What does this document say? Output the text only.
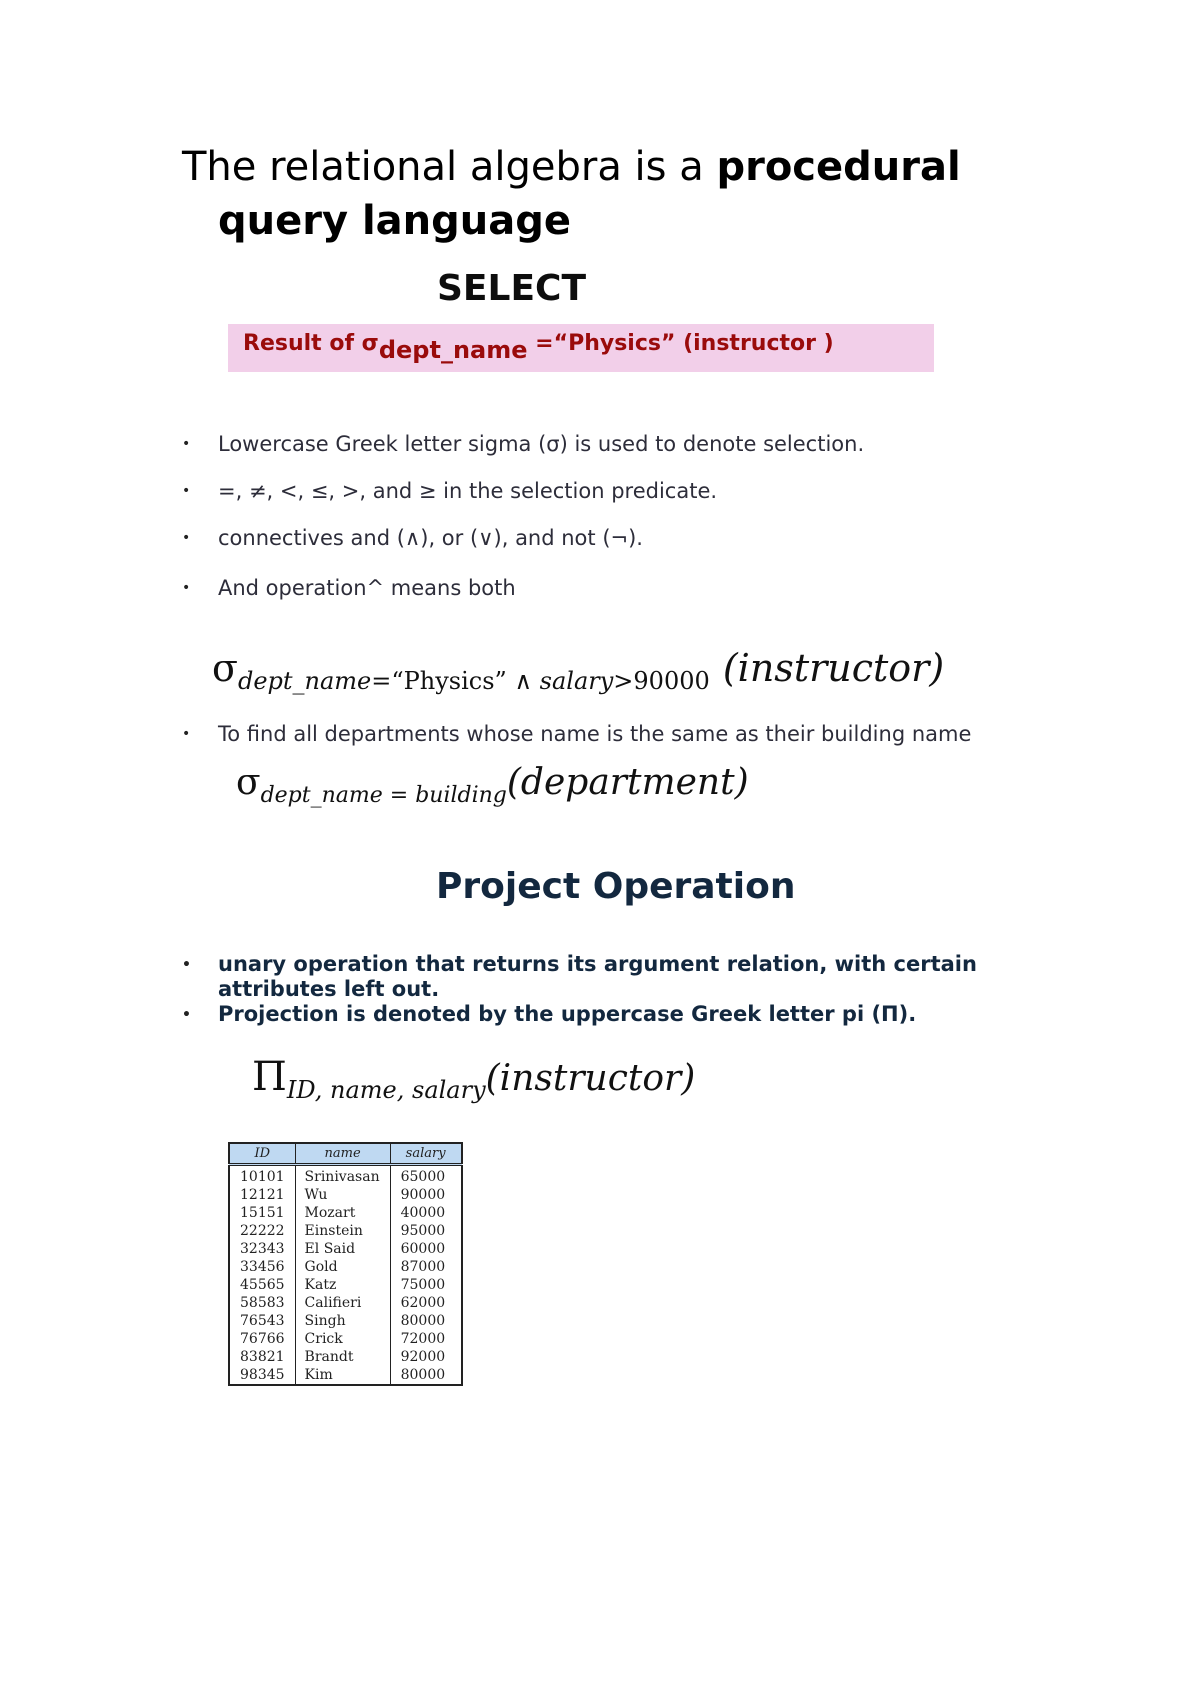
The relational algebra is a procedural
query language
SELECT
Result of $\sigma_{dept\_name}$ =“Physics” (instructor )
• Lowercase Greek letter sigma (σ) is used to denote selection.
• =, ≠, <, ≤, >, and ≥ in the selection predicate.
• connectives and (∧), or (∨), and not (¬).
• And operation^ means both
σdept_name=“Physics” ∧ salary>90000 (instructor)
• To find all departments whose name is the same as their building name
σdept_name = building(department)
Project Operation
• unary operation that returns its argument relation, with certain attributes left out.
• Projection is denoted by the uppercase Greek letter pi (Π).
ΠID, name, salary(instructor)
ID	name	salary
10101	Srinivasan	65000
12121	Wu	90000
15151	Mozart	40000
22222	Einstein	95000
32343	El Said	60000
33456	Gold	87000
45565	Katz	75000
58583	Califieri	62000
76543	Singh	80000
76766	Crick	72000
83821	Brandt	92000
98345	Kim	80000
